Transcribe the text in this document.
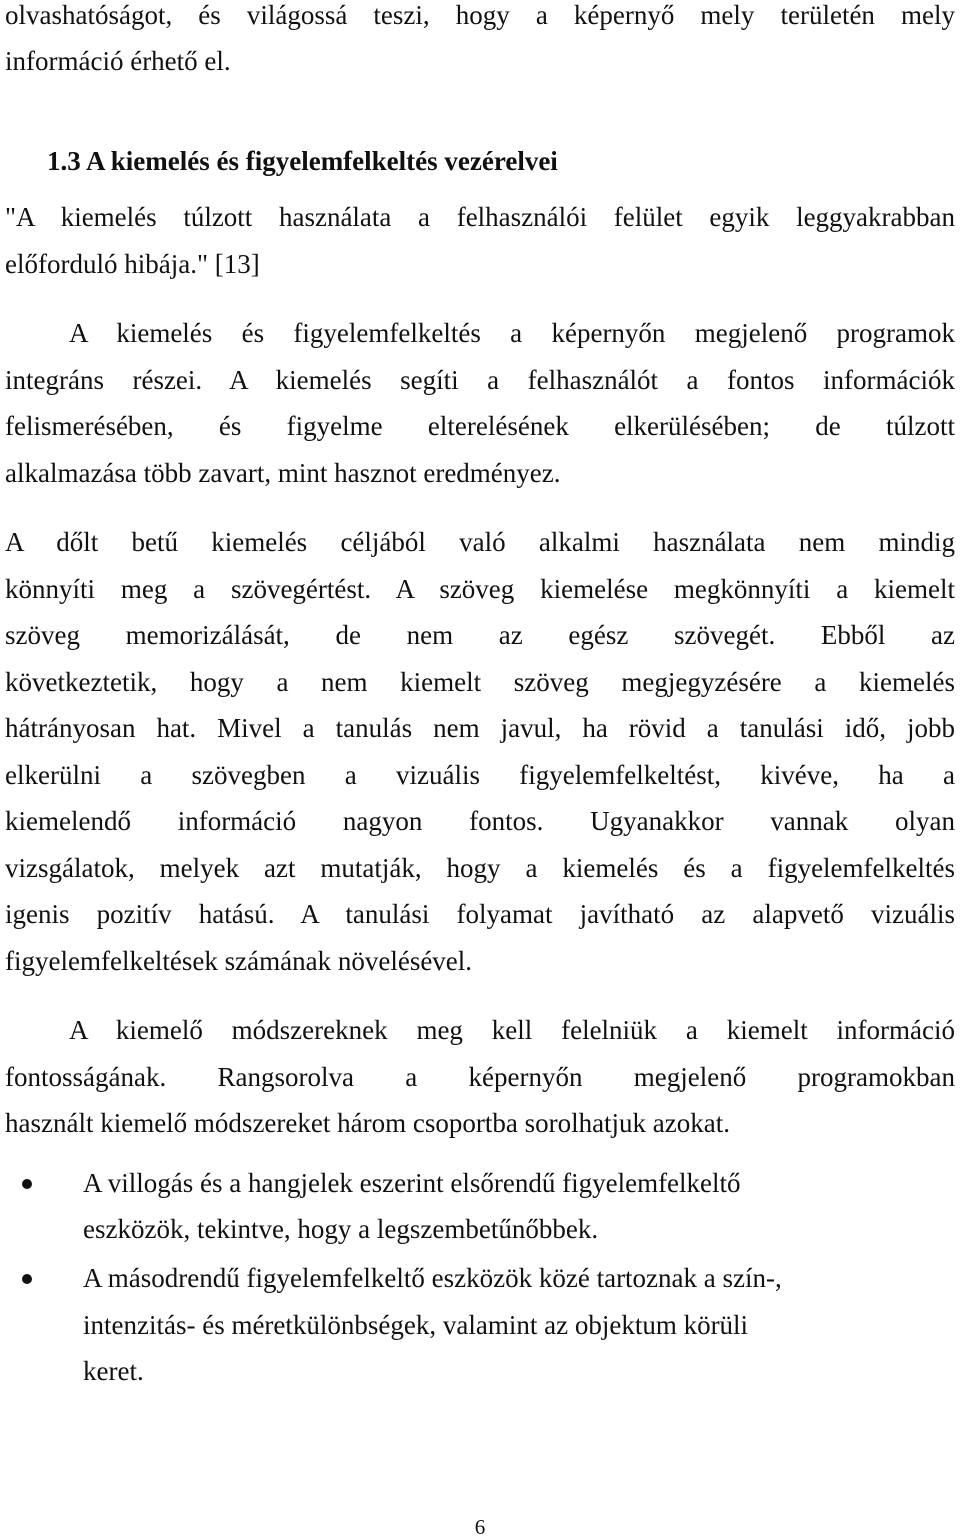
olvashatóságot, és világossá teszi, hogy a képernyő mely területén mely
információ érhető el.
1.3 A kiemelés és figyelemfelkeltés vezérelvei
"A kiemelés túlzott használata a felhasználói felület egyik leggyakrabban
előforduló hibája." [13]
A kiemelés és figyelemfelkeltés a képernyőn megjelenő programok
integráns részei. A kiemelés segíti a felhasználót a fontos információk
felismerésében, és figyelme elterelésének elkerülésében; de túlzott
alkalmazása több zavart, mint hasznot eredményez.
A dőlt betű kiemelés céljából való alkalmi használata nem mindig
könnyíti meg a szövegértést. A szöveg kiemelése megkönnyíti a kiemelt
szöveg memorizálását, de nem az egész szövegét. Ebből az
következtetik, hogy a nem kiemelt szöveg megjegyzésére a kiemelés
hátrányosan hat. Mivel a tanulás nem javul, ha rövid a tanulási idő, jobb
elkerülni a szövegben a vizuális figyelemfelkeltést, kivéve, ha a
kiemelendő információ nagyon fontos. Ugyanakkor vannak olyan
vizsgálatok, melyek azt mutatják, hogy a kiemelés és a figyelemfelkeltés
igenis pozitív hatású. A tanulási folyamat javítható az alapvető vizuális
figyelemfelkeltések számának növelésével.
A kiemelő módszereknek meg kell felelniük a kiemelt információ
fontosságának. Rangsorolva a képernyőn megjelenő programokban
használt kiemelő módszereket három csoportba sorolhatjuk azokat.
A villogás és a hangjelek eszerint elsőrendű figyelemfelkeltő
eszközök, tekintve, hogy a legszembetűnőbbek.
A másodrendű figyelemfelkeltő eszközök közé tartoznak a szín-,
intenzitás- és méretkülönbségek, valamint az objektum körüli
keret.
6
